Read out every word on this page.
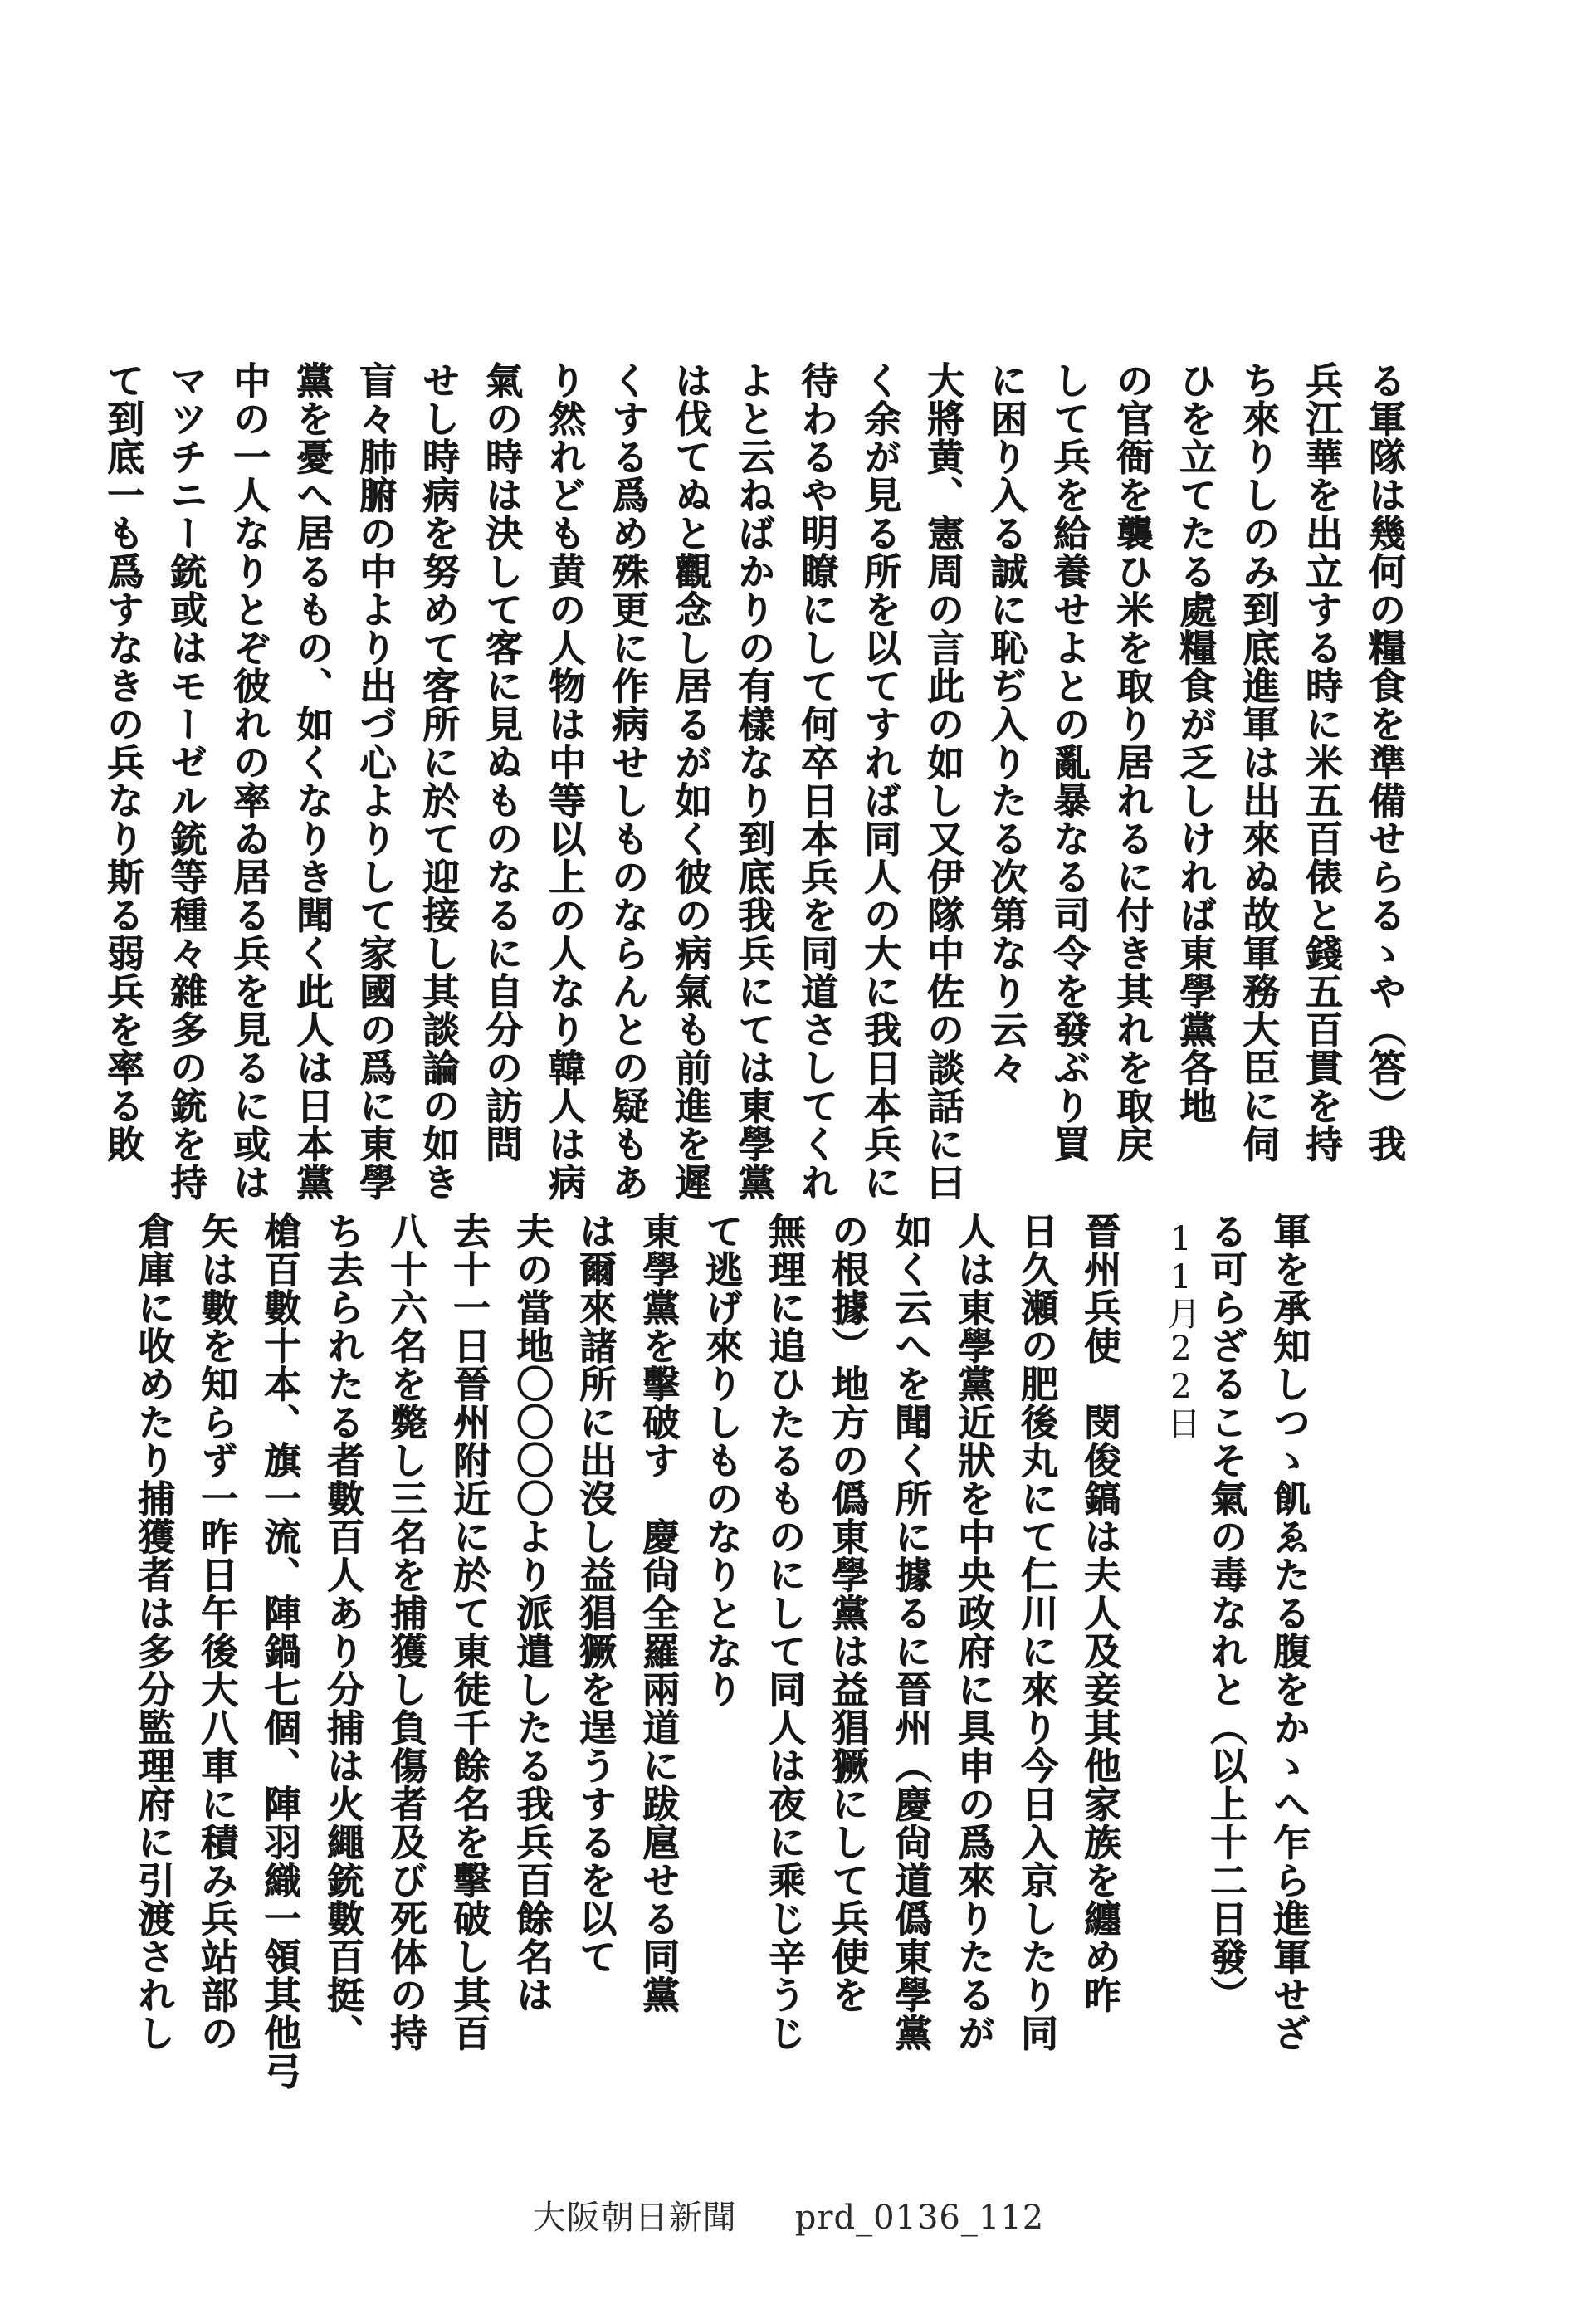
る軍隊は幾何の糧食を準備せらるゝや（答）我
兵江華を出立する時に米五百俵と錢五百貫を持
ち來りしのみ到底進軍は出來ぬ故軍務大臣に伺
ひを立てたる處糧食が乏しければ東學黨各地
の官衙を襲ひ米を取り居れるに付き其れを取戻
して兵を給養せよとの亂暴なる司令を發ぶり買
に困り入る誠に恥ぢ入りたる次第なり云々
大將黄、憲周の言此の如し又伊隊中佐の談話に曰
く余が見る所を以てすれば同人の大に我日本兵に
待わるや明瞭にして何卒日本兵を同道さしてくれ
よと云ねばかりの有樣なり到底我兵にては東學黨
は伐てぬと觀念し居るが如く彼の病氣も前進を遲
くする爲め殊更に作病せしものならんとの疑もあ
り然れども黄の人物は中等以上の人なり韓人は病
氣の時は決して客に見ぬものなるに自分の訪問
せし時病を努めて客所に於て迎接し其談論の如き
盲々肺腑の中より出づ心よりして家國の爲に東學
黨を憂へ居るもの、如くなりき聞く此人は日本黨
中の一人なりとぞ彼れの率ゐ居る兵を見るに或は
マツチニー銃或はモーゼル銃等種々雜多の銃を持
て到底一も爲すなきの兵なり斯る弱兵を率る敗
11月22日 軍を承知しつゝ飢ゑたる腹をかゝへ乍ら進軍せざ
る可らざるこそ氣の毒なれと（以上十二日發）
晉州兵使　閔俊鎬は夫人及妾其他家族を纏め昨
日久瀬の肥後丸にて仁川に來り今日入京したり同
人は東學黨近狀を中央政府に具申の爲來りたるが
如く云へを聞く所に據るに晉州（慶尙道僞東學黨
の根據）地方の僞東學黨は益猖獗にして兵使を
無理に追ひたるものにして同人は夜に乘じ辛うじ
て逃げ來りしものなりとなり
東學黨を擊破す　慶尙全羅兩道に跋扈せる同黨
は爾來諸所に出沒し益猖獗を逞うするを以て
夫の當地〇〇〇〇より派遣したる我兵百餘名は
去十一日晉州附近に於て東徒千餘名を擊破し其百
八十六名を斃し三名を捕獲し負傷者及び死体の持
ち去られたる者數百人あり分捕は火繩銃數百挺、
槍百數十本、旗一流、陣鍋七個、陣羽織一領其他弓
矢は數を知らず一昨日午後大八車に積み兵站部の
倉庫に收めたり捕獲者は多分監理府に引渡されし
大阪朝日新聞 prd_0136_112
